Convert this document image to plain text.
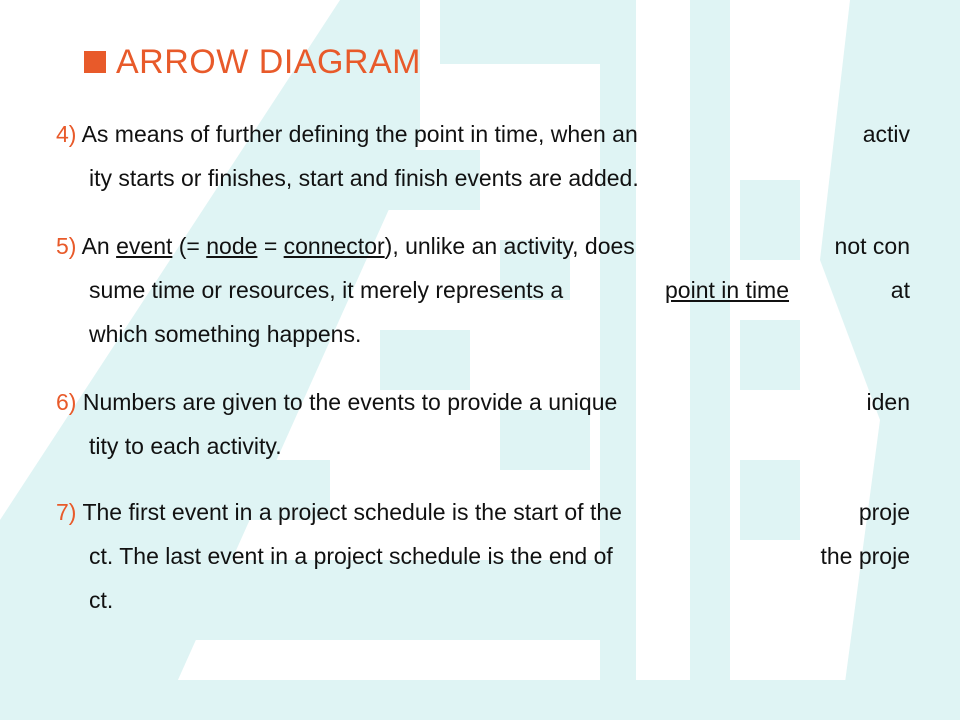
ARROW DIAGRAM
4) As means of further defining the point in time, when an	activ
ity starts or finishes, start and finish events are added.
5) An event (= node = connector), unlike an activity, does	not con
sume time or resources, it merely represents a	point in time	at
which something happens.
6) Numbers are given to the events to provide a unique	iden
tity to each activity.
7) The first event in a project schedule is the start of the	proje
ct. The last event in a project schedule is the end of	the proje
ct.
